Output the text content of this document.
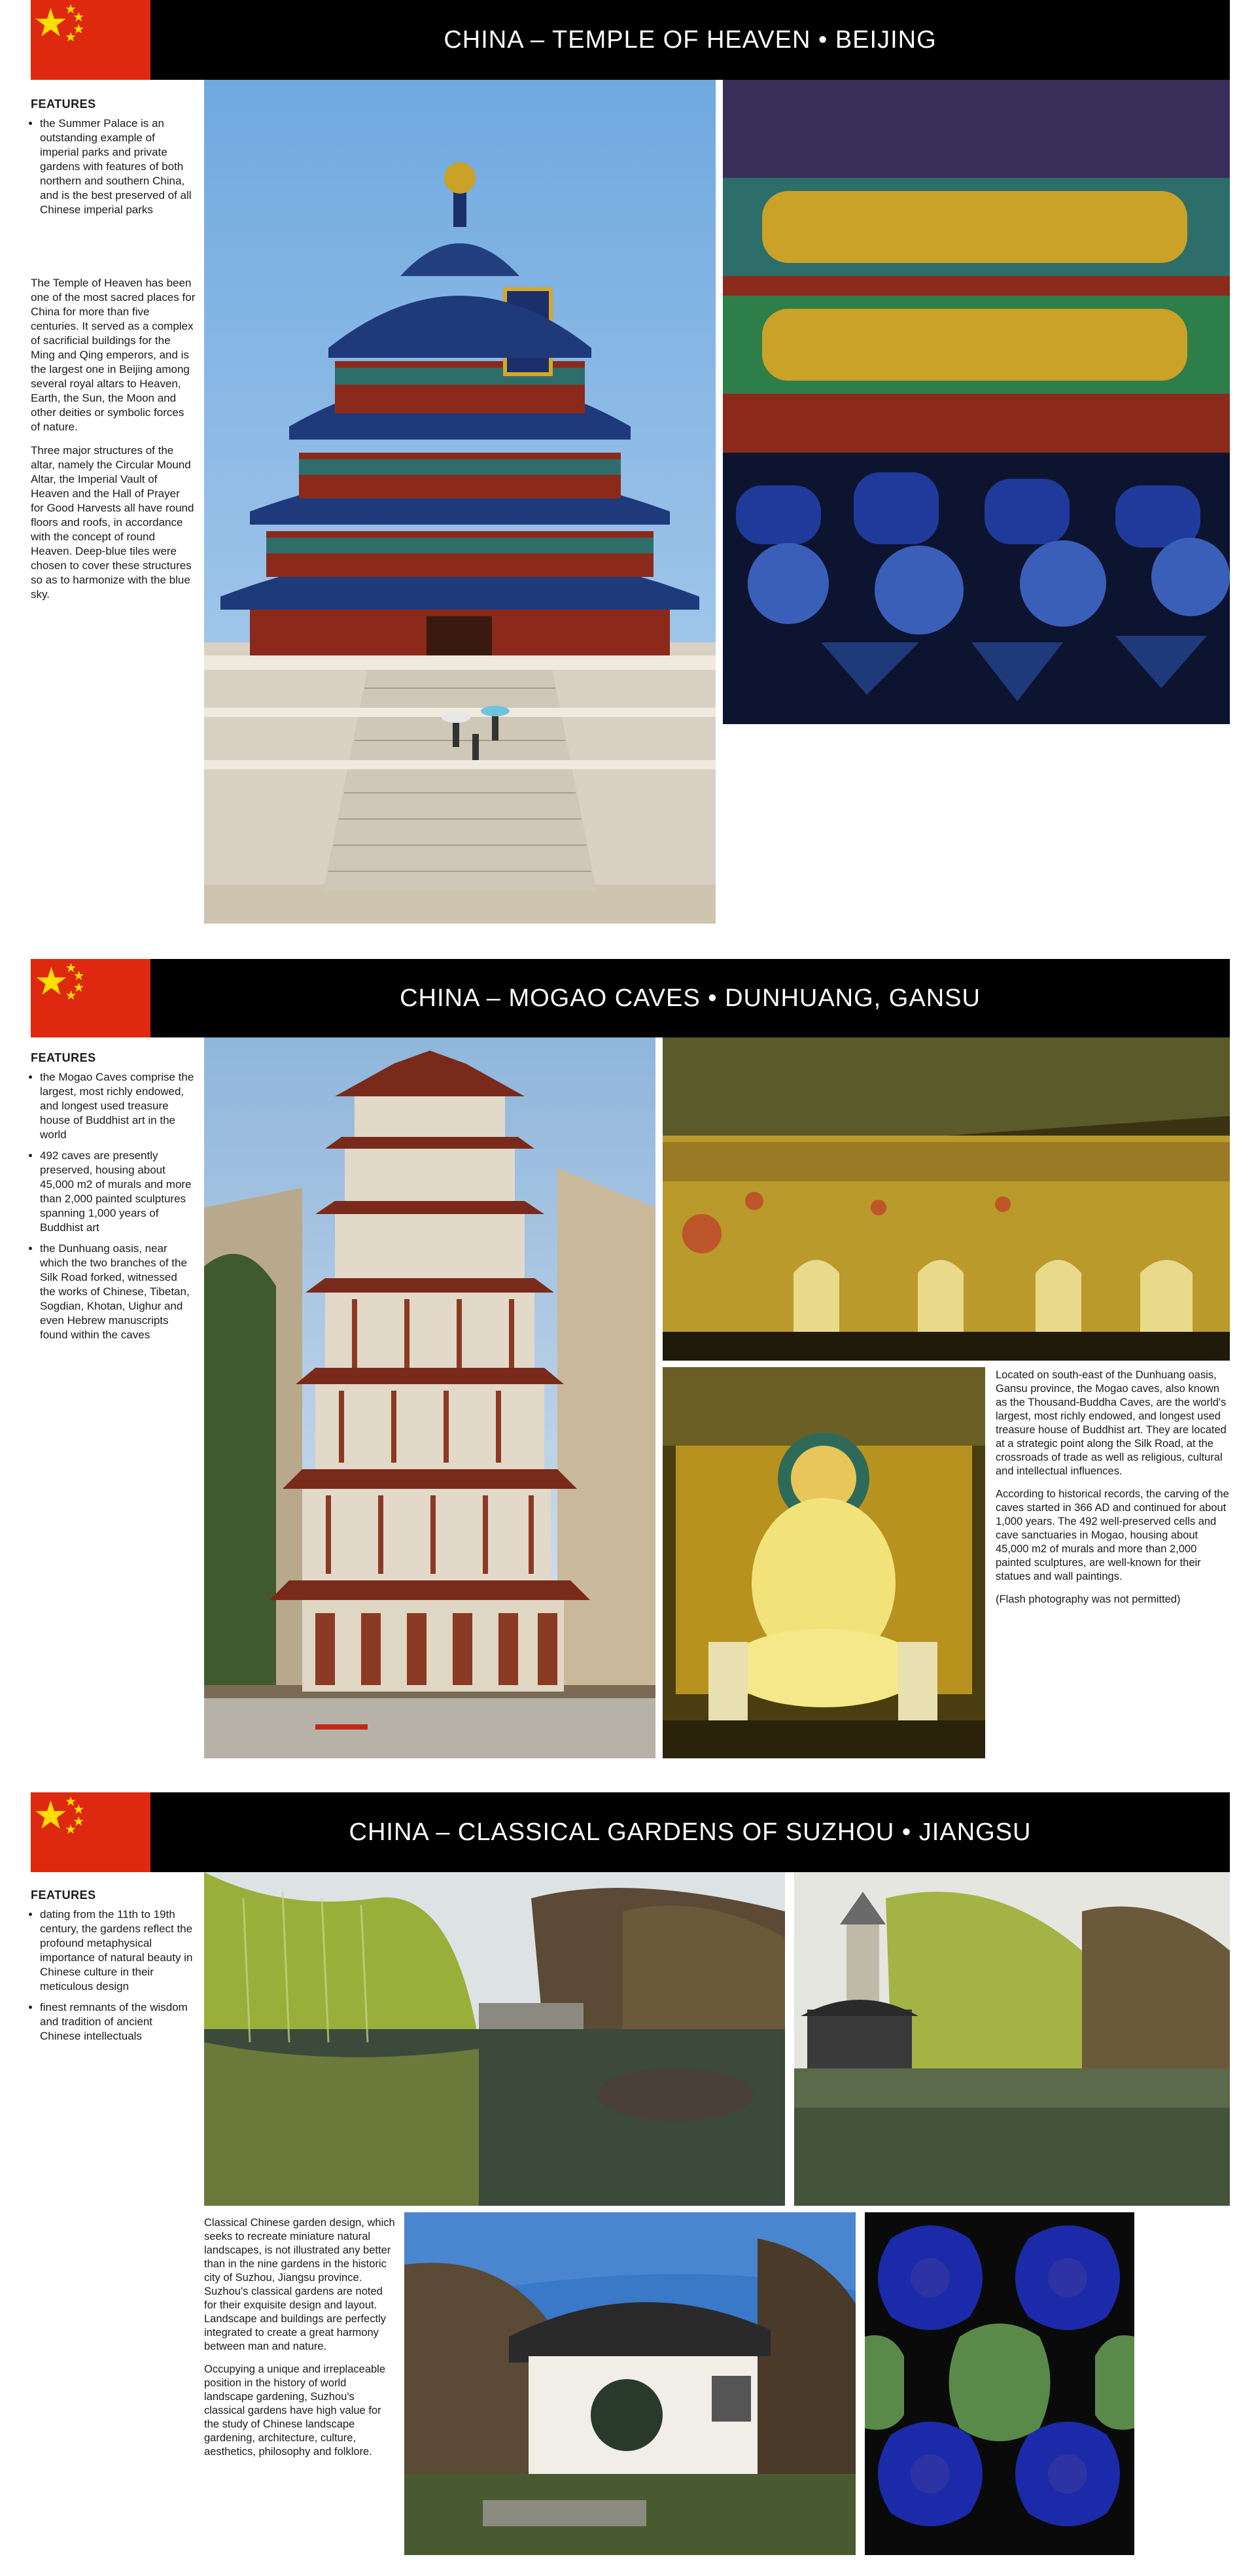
CHINA – TEMPLE OF HEAVEN • BEIJING
FEATURES
• the Summer Palace is an outstanding example of imperial parks and private gardens with features of both northern and southern China, and is the best preserved of all Chinese imperial parks

The Temple of Heaven has been one of the most sacred places for China for more than five centuries. It served as a complex of sacrificial buildings for the Ming and Qing emperors, and is the largest one in Beijing among several royal altars to Heaven, Earth, the Sun, the Moon and other deities or symbolic forces of nature.

Three major structures of the altar, namely the Circular Mound Altar, the Imperial Vault of Heaven and the Hall of Prayer for Good Harvests all have round floors and roofs, in accordance with the concept of round Heaven. Deep-blue tiles were chosen to cover these structures so as to harmonize with the blue sky.

CHINA – MOGAO CAVES • DUNHUANG, GANSU
FEATURES
• the Mogao Caves comprise the largest, most richly endowed, and longest used treasure house of Buddhist art in the world
• 492 caves are presently preserved, housing about 45,000 m2 of murals and more than 2,000 painted sculptures spanning 1,000 years of Buddhist art
• the Dunhuang oasis, near which the two branches of the Silk Road forked, witnessed the works of Chinese, Tibetan, Sogdian, Khotan, Uighur and even Hebrew manuscripts found within the caves

Located on south-east of the Dunhuang oasis, Gansu province, the Mogao caves, also known as the Thousand-Buddha Caves, are the world's largest, most richly endowed, and longest used treasure house of Buddhist art. They are located at a strategic point along the Silk Road, at the crossroads of trade as well as religious, cultural and intellectual influences.

According to historical records, the carving of the caves started in 366 AD and continued for about 1,000 years. The 492 well-preserved cells and cave sanctuaries in Mogao, housing about 45,000 m2 of murals and more than 2,000 painted sculptures, are well-known for their statues and wall paintings.

(Flash photography was not permitted)

CHINA – CLASSICAL GARDENS OF SUZHOU • JIANGSU
FEATURES
• dating from the 11th to 19th century, the gardens reflect the profound metaphysical importance of natural beauty in Chinese culture in their meticulous design
• finest remnants of the wisdom and tradition of ancient Chinese intellectuals

Classical Chinese garden design, which seeks to recreate miniature natural landscapes, is not illustrated any better than in the nine gardens in the historic city of Suzhou, Jiangsu province. Suzhou's classical gardens are noted for their exquisite design and layout. Landscape and buildings are perfectly integrated to create a great harmony between man and nature.

Occupying a unique and irreplaceable position in the history of world landscape gardening, Suzhou's classical gardens have high value for the study of Chinese landscape gardening, architecture, culture, aesthetics, philosophy and folklore.
